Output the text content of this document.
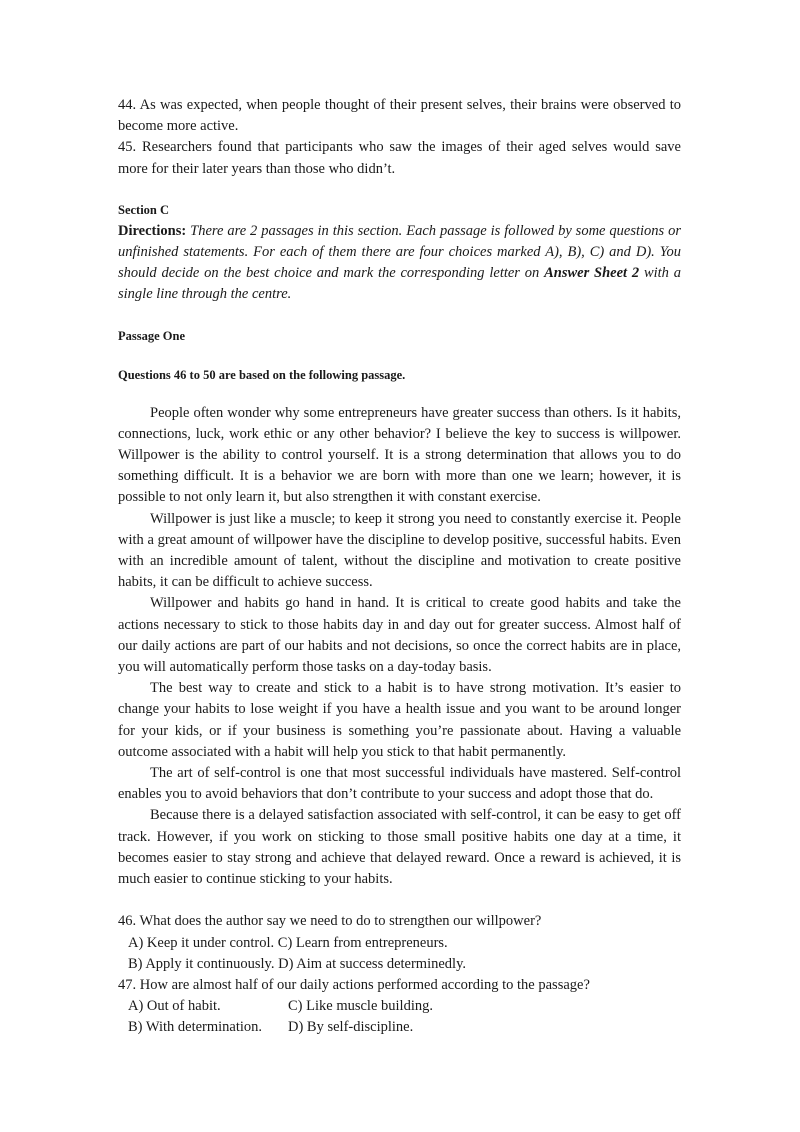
44. As was expected, when people thought of their present selves, their brains were observed to become more active.

45. Researchers found that participants who saw the images of their aged selves would save more for their later years than those who didn’t.

Section C

Directions: There are 2 passages in this section. Each passage is followed by some questions or unfinished statements. For each of them there are four choices marked A), B), C) and D). You should decide on the best choice and mark the corresponding letter on Answer Sheet 2 with a single line through the centre.

Passage One

Questions 46 to 50 are based on the following passage.

People often wonder why some entrepreneurs have greater success than others. Is it habits, connections, luck, work ethic or any other behavior? I believe the key to success is willpower. Willpower is the ability to control yourself. It is a strong determination that allows you to do something difficult. It is a behavior we are born with more than one we learn; however, it is possible to not only learn it, but also strengthen it with constant exercise.

Willpower is just like a muscle; to keep it strong you need to constantly exercise it. People with a great amount of willpower have the discipline to develop positive, successful habits. Even with an incredible amount of talent, without the discipline and motivation to create positive habits, it can be difficult to achieve success.

Willpower and habits go hand in hand. It is critical to create good habits and take the actions necessary to stick to those habits day in and day out for greater success. Almost half of our daily actions are part of our habits and not decisions, so once the correct habits are in place, you will automatically perform those tasks on a day-today basis.

The best way to create and stick to a habit is to have strong motivation. It’s easier to change your habits to lose weight if you have a health issue and you want to be around longer for your kids, or if your business is something you’re passionate about. Having a valuable outcome associated with a habit will help you stick to that habit permanently.

The art of self-control is one that most successful individuals have mastered. Self-control enables you to avoid behaviors that don’t contribute to your success and adopt those that do.

Because there is a delayed satisfaction associated with self-control, it can be easy to get off track. However, if you work on sticking to those small positive habits one day at a time, it becomes easier to stay strong and achieve that delayed reward. Once a reward is achieved, it is much easier to continue sticking to your habits.

46. What does the author say we need to do to strengthen our willpower?

A) Keep it under control. C) Learn from entrepreneurs.

B) Apply it continuously. D) Aim at success determinedly.

47. How are almost half of our daily actions performed according to the passage?

A) Out of habit.	C) Like muscle building.
B) With determination.	D) By self-discipline.
